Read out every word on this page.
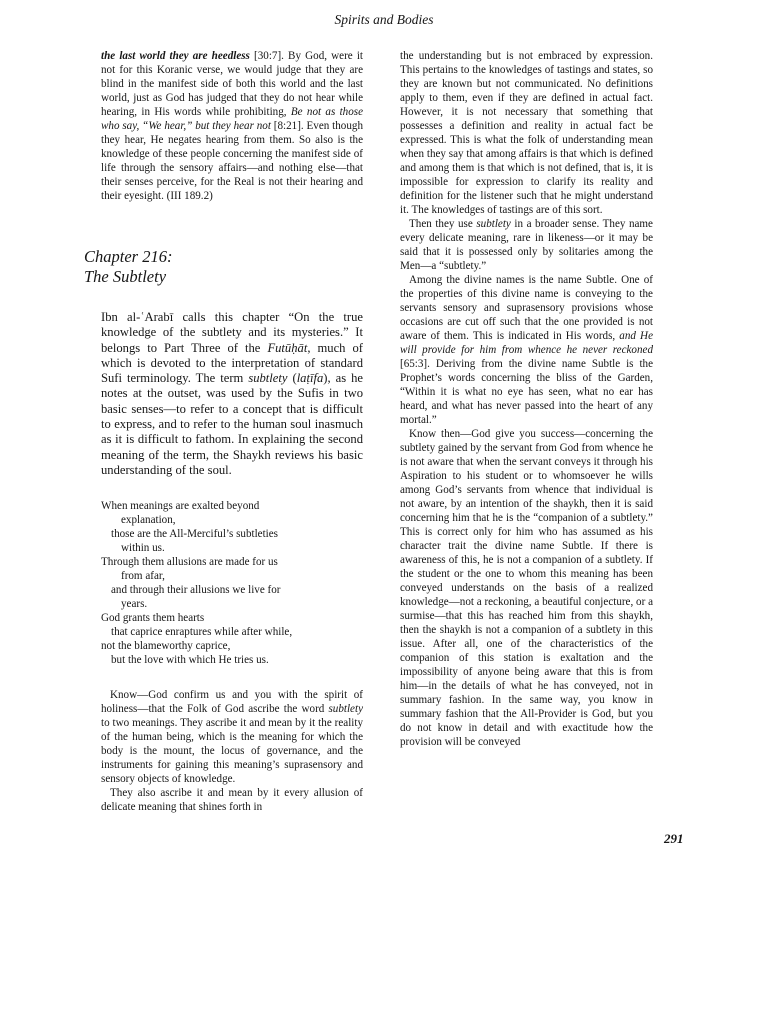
Spirits and Bodies

the last world they are heedless [30:7]. By God, were it not for this Koranic verse, we would judge that they are blind in the manifest side of both this world and the last world, just as God has judged that they do not hear while hearing, in His words while prohibiting, Be not as those who say, “We hear,” but they hear not [8:21]. Even though they hear, He negates hearing from them. So also is the knowledge of these people concerning the manifest side of life through the sensory affairs—and nothing else—that their senses perceive, for the Real is not their hearing and their eyesight. (III 189.2)

Chapter 216:
The Subtlety

Ibn al-ʿArabī calls this chapter “On the true knowledge of the subtlety and its mysteries.” It belongs to Part Three of the Futūḥāt, much of which is devoted to the interpretation of standard Sufi terminology. The term subtlety (laṭīfa), as he notes at the outset, was used by the Sufis in two basic senses—to refer to a concept that is difficult to express, and to refer to the human soul inasmuch as it is difficult to fathom. In explaining the second meaning of the term, the Shaykh reviews his basic understanding of the soul.

When meanings are exalted beyond
explanation,
those are the All-Merciful’s subtleties
within us.
Through them allusions are made for us
from afar,
and through their allusions we live for
years.
God grants them hearts
that caprice enraptures while after while,
not the blameworthy caprice,
but the love with which He tries us.

Know—God confirm us and you with the spirit of holiness—that the Folk of God ascribe the word subtlety to two meanings. They ascribe it and mean by it the reality of the human being, which is the meaning for which the body is the mount, the locus of governance, and the instruments for gaining this meaning’s suprasensory and sensory objects of knowledge.

They also ascribe it and mean by it every allusion of delicate meaning that shines forth in

the understanding but is not embraced by expression. This pertains to the knowledges of tastings and states, so they are known but not communicated. No definitions apply to them, even if they are defined in actual fact. However, it is not necessary that something that possesses a definition and reality in actual fact be expressed. This is what the folk of understanding mean when they say that among affairs is that which is defined and among them is that which is not defined, that is, it is impossible for expression to clarify its reality and definition for the listener such that he might understand it. The knowledges of tastings are of this sort.

Then they use subtlety in a broader sense. They name every delicate meaning, rare in likeness—or it may be said that it is possessed only by solitaries among the Men—a “subtlety.”

Among the divine names is the name Subtle. One of the properties of this divine name is conveying to the servants sensory and suprasensory provisions whose occasions are cut off such that the one provided is not aware of them. This is indicated in His words, and He will provide for him from whence he never reckoned [65:3]. Deriving from the divine name Subtle is the Prophet’s words concerning the bliss of the Garden, “Within it is what no eye has seen, what no ear has heard, and what has never passed into the heart of any mortal.”

Know then—God give you success—concerning the subtlety gained by the servant from God from whence he is not aware that when the servant conveys it through his Aspiration to his student or to whomsoever he wills among God’s servants from whence that individual is not aware, by an intention of the shaykh, then it is said concerning him that he is the “companion of a subtlety.” This is correct only for him who has assumed as his character trait the divine name Subtle. If there is awareness of this, he is not a companion of a subtlety. If the student or the one to whom this meaning has been conveyed understands on the basis of a realized knowledge—not a reckoning, a beautiful conjecture, or a surmise—that this has reached him from this shaykh, then the shaykh is not a companion of a subtlety in this issue. After all, one of the characteristics of the companion of this station is exaltation and the impossibility of anyone being aware that this is from him—in the details of what he has conveyed, not in summary fashion. In the same way, you know in summary fashion that the All-Provider is God, but you do not know in detail and with exactitude how the provision will be conveyed

291
